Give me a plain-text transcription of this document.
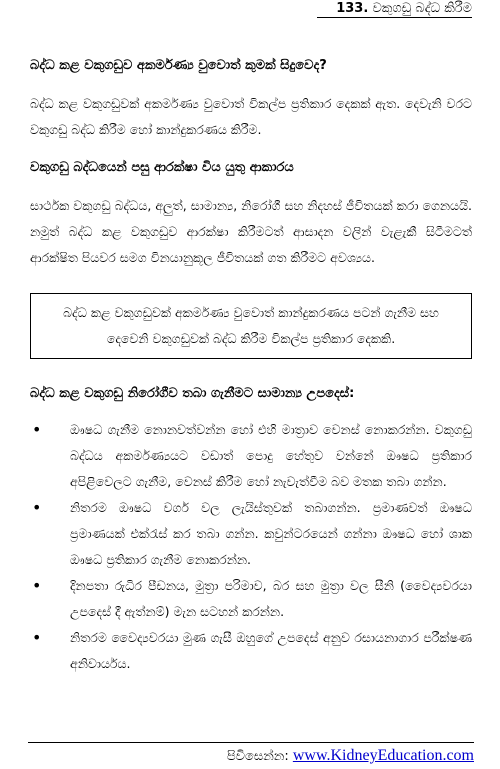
133. වකුගඩු බද්ධ කිරීම
බද්ධ කළ වකුගඩුව අකර්මණ්‍ය වුවොත් කුමක් සිදුවෙද?

බද්ධ කළ වකුගඩුවක් අකර්මණ්‍ය වුවොත් විකල්ප ප්‍රතිකාර දෙකක් ඇත. දෙවැනි වරට වකුගඩු බද්ධ කිරීම හෝ කාන්දුකරණය කිරීම.

වකුගඩු බද්ධයෙන් පසු ආරක්ෂා විය යුතු ආකාරය

සාර්ථක වකුගඩු බද්ධය, අලුත්, සාමාන්‍ය, නිරෝගී සහ නිදහස් ජීවිතයක් කරා ගෙනයයි. නමුත් බද්ධ කළ වකුගඩුව ආරක්ෂා කිරීමටත් ආසාදන වලින් වැළැකී සිටීමටත් ආරක්ෂිත පියවර සමග විනයානුකූල ජීවිතයක් ගත කිරීමට අවශ්‍යය.

බද්ධ කළ වකුගඩුවක් අකර්මණ්‍ය වුවොත් කාන්දුකරණය පටන් ගැනීම සහ දෙවෙනි වකුගඩුවක් බද්ධ කිරීම විකල්ප ප්‍රතිකාර දෙකකි.
බද්ධ කළ වකුගඩු නිරෝගීව තබා ගැනීමට සාමාන්‍ය උපදෙස්:
• ඖෂධ ගැනීම නොනවත්වන්න හෝ එහි මාත්‍රාව වෙනස් නොකරන්න. වකුගඩු බද්ධය අකර්මණ්‍යයට වඩාත් පොදු හේතුව වන්නේ ඖෂධ ප්‍රතිකාර අපිළිවෙලට ගැනීම, වෙනස් කිරීම හෝ නැවැත්වීම බව මතක තබා ගන්න.
• නිතරම ඖෂධ වර්ග වල ලැයිස්තුවක් තබාගන්න. ප්‍රමාණවත් ඖෂධ ප්‍රමාණයක් එක්රැස් කර තබා ගන්න. කවුන්ටරයෙන් ගන්නා ඖෂධ හෝ ශාක ඖෂධ ප්‍රතිකාර ගැනීම නොකරන්න.
• දිනපතා රුධිර පීඩනය, මුත්‍රා පරිමාව, බර සහ මුත්‍රා වල සීනි (වෛද්‍යවරයා උපදෙස් දී ඇත්නම්) මැන සටහන් කරන්න.
• නිතරම වෛද්‍යවරයා මුණ ගැසී ඔහුගේ උපදෙස් අනුව රසායනාගාර පරීක්ෂණ අනිවාර්යය.
පිවිසෙන්න: www.KidneyEducation.com
